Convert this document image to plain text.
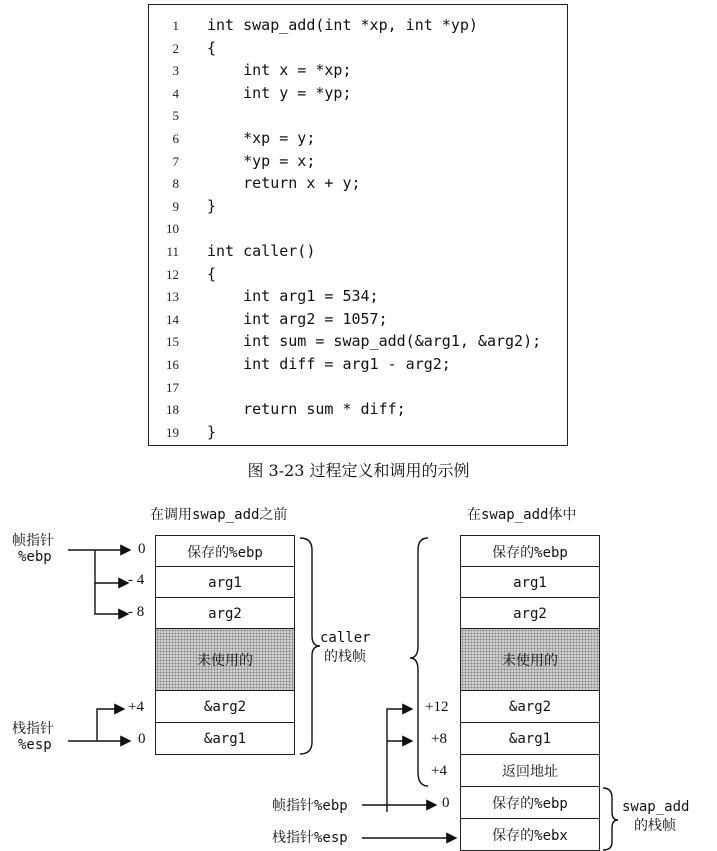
1 int swap_add(int *xp, int *yp)
2 {
3 int x = *xp;
4 int y = *yp;
5
6 *xp = y;
7 *yp = x;
8 return x + y;
9 }
10
11 int caller()
12 {
13 int arg1 = 534;
14 int arg2 = 1057;
15 int sum = swap_add(&arg1, &arg2);
16 int diff = arg1 - arg2;
17
18 return sum * diff;
19 }
图 3-23 过程定义和调用的示例
在调用swap_add之前
帧指针
%ebp
栈指针
%esp
0
- 4
- 8
+4
0
保存的%ebp
arg1
arg2
未使用的
&arg2
&arg1
caller
的栈帧
在swap_add体中
保存的%ebp
arg1
arg2
未使用的
&arg2
&arg1
返回地址
保存的%ebp
保存的%ebx
+12
+8
+4
0
帧指针%ebp
栈指针%esp
swap_add
的栈帧
